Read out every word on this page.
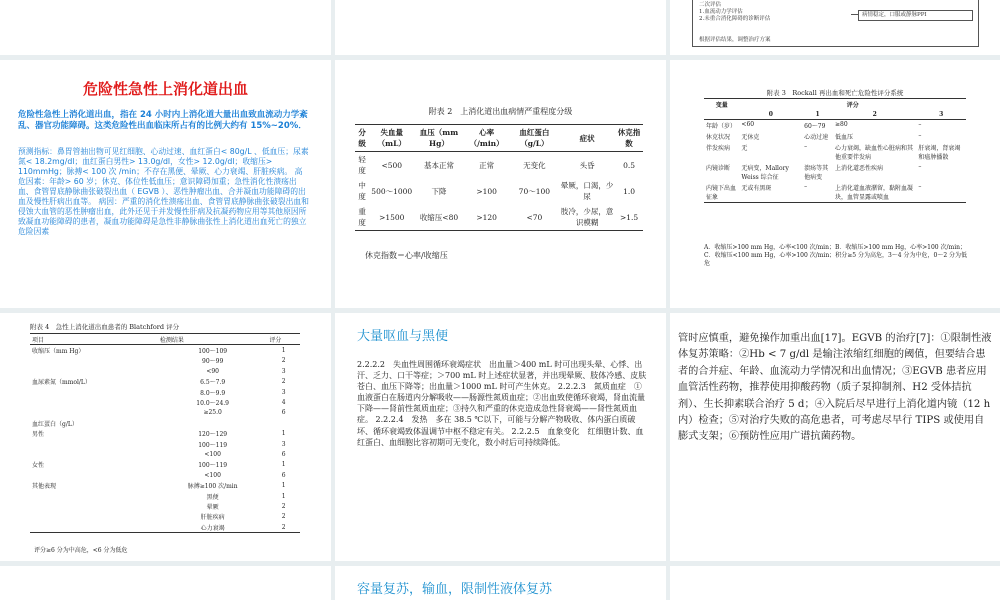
二次评估
1.血流动力学评估
2.未重合消化障碍的诊断评估
病情稳定，口服或静脉PPI
根据评估结果，调整治疗方案
危险性急性上消化道出血
危险性急性上消化道出血，指在 24 小时内上消化道大量出血致血流动力学紊乱、器官功能障碍。这类危险性出血临床所占有的比例大约有 15%~20%．
预测指标：鼻胃管抽出物可见红细胞、心动过速、血红蛋白< 80g/L 、低血压；尿素氮< 18.2mg/dl；血红蛋白男性> 13.0g/dl，女性> 12.0g/dl；收缩压> 110mmHg；脉搏< 100 次 /min；不存在黑便、晕厥、心力衰竭、肝脏疾病。 高危因素：年龄> 60 岁；休克、体位性低血压；意识障碍加重；急性消化性溃疡出血、食管胃底静脉曲张破裂出血（ EGVB ）、恶性肿瘤出血、合并凝血功能障碍的出血及慢性肝病出血等。 病因：严重的消化性溃疡出血、食管胃底静脉曲张破裂出血和侵蚀大血管的恶性肿瘤出血，此外还见于并发慢性肝病及抗凝药物应用等其他原因所致凝血功能障碍的患者，凝血功能障碍是急性非静脉曲张性上消化道出血死亡的独立危险因素
附表 2　上消化道出血病情严重程度分级
分级	失血量（mL）	血压（mm Hg）	心率（/min）	血红蛋白（g/L）	症状	休克指数
轻度	<500	基本正常	正常	无变化	头昏	0.5
中度	500～1000	下降	>100	70～100	晕厥，口渴，少尿	1.0
重度	>1500	收缩压<80	>120	<70	肢冷，少尿，意识模糊	>1.5
休克指数＝心率/收缩压
附表 3　Rockall 再出血和死亡危险性评分系统
变量	评分			
	0	1	2	3
年龄（岁）	<60	60～79	≥80	–
休克状况	无休克	心动过速	低血压	–
伴发疾病	无	–	心力衰竭，缺血性心脏病和其他重要伴发病	肝衰竭，肾衰竭和癌肿播散
内镜诊断	无病变，Mallory Weiss 综合征	溃疡等其他病变	上消化道恶性疾病	–
内镜下出血征象	无或有黑斑	–	上消化道血液潴留，黏附血凝块，血管显露或喷血	–
A．收缩压>100 mm Hg，心率<100 次/min；B．收缩压>100 mm Hg，心率>100 次/min；C．收缩压<100 mm Hg，心率>100 次/min；积分≥5 分为高危，3～4 分为中危，0～2 分为低危
附表 4　急性上消化道出血患者的 Blatchford 评分
项目	检测结果	评分
收缩压（mm Hg）	100～109	1
	90～99	2
	<90	3
血尿素氮（mmol/L）	6.5～7.9	2
	8.0～9.9	3
	10.0～24.9	4
	≥25.0	6
血红蛋白（g/L）		
男性	120～129	1
	100～119	3
	<100	6
女性	100～119	1
	<100	6
其他表现	脉搏≥100 次/min	1
	黑便	1
	晕厥	2
	肝脏疾病	2
	心力衰竭	2
评分≥6 分为中高危，<6 分为低危
大量呕血与黑便
2.2.2.2　失血性周围循环衰竭症状　出血量＞400 mL 时可出现头晕、心悸、出汗、乏力、口干等症；＞700 mL 时上述症状显著，并出现晕厥、肢体冷感、皮肤苍白、血压下降等；出血量＞1000 mL 时可产生休克。 2.2.2.3　氮质血症　①血液蛋白在肠道内分解吸收——肠源性氮质血症；②出血致使循环衰竭，肾血流量下降——肾前性氮质血症；③持久和严重的休克造成急性肾衰竭——肾性氮质血症。 2.2.2.4　发热　多在 38.5 ℃以下，可能与分解产物吸收、体内蛋白质破坏、循环衰竭致体温调节中枢不稳定有关。 2.2.2.5　血象变化　红细胞计数、血红蛋白、血细胞比容初期可无变化，数小时后可持续降低。
管时应慎重，避免操作加重出血[17]。EGVB 的治疗[7]：①限制性液体复苏策略：②Hb < 7 g/dl 是输注浓缩红细胞的阈值，但要结合患者的合并症、年龄、血流动力学情况和出血情况；③EGVB 患者应用血管活性药物，推荐使用抑酸药物（质子泵抑制剂、H2 受体拮抗剂）、生长抑素联合治疗 5 d；④入院后尽早进行上消化道内镜（12 h 内）检查；⑤对治疗失败的高危患者，可考虑尽早行 TIPS 或使用自膨式支架；⑥预防性应用广谱抗菌药物。
容量复苏，输血，限制性液体复苏
